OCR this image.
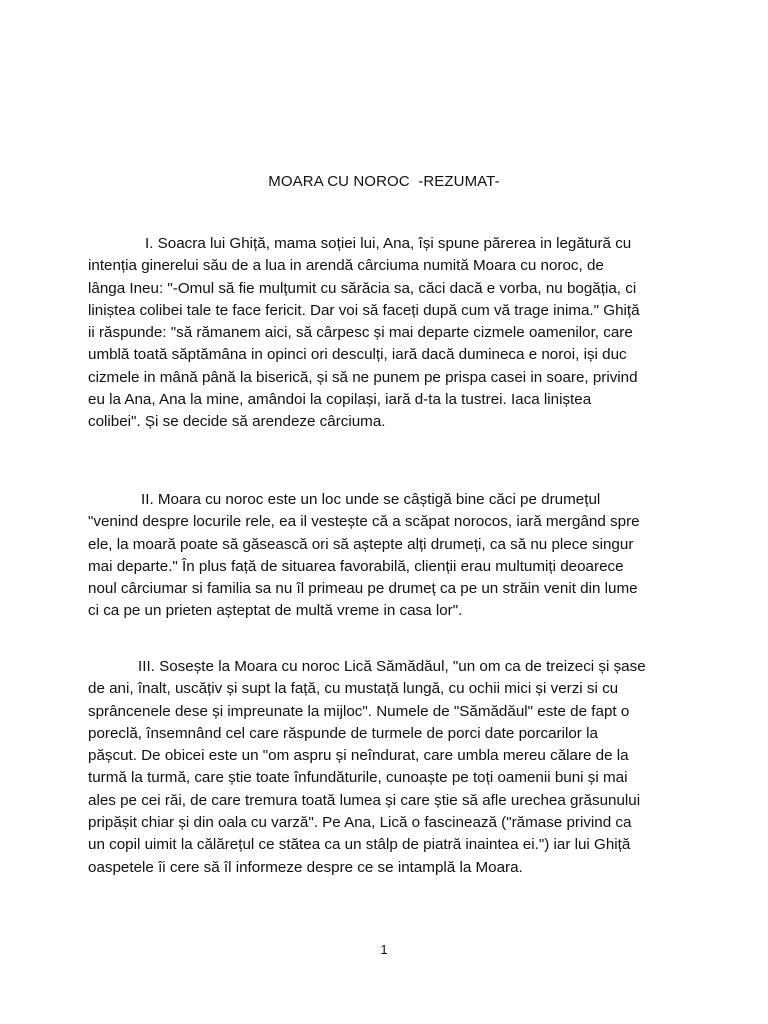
MOARA CU NOROC  -REZUMAT-

I. Soacra lui Ghiță, mama soției lui, Ana, își spune părerea in legătură cu
intenția ginerelui său de a lua in arendă cârciuma numită Moara cu noroc, de
lânga Ineu: "-Omul să fie mulțumit cu sărăcia sa, căci dacă e vorba, nu bogăția, ci
liniștea colibei tale te face fericit. Dar voi să faceți după cum vă trage inima." Ghiță
ii răspunde: "să rămanem aici, să cârpesc și mai departe cizmele oamenilor, care
umblă toată săptămâna in opinci ori desculți, iară dacă dumineca e noroi, iși duc
cizmele in mână până la biserică, și să ne punem pe prispa casei in soare, privind
eu la Ana, Ana la mine, amândoi la copilași, iară d-ta la tustrei. Iaca liniștea
colibei". Și se decide să arendeze cârciuma.

II. Moara cu noroc este un loc unde se câștigă bine căci pe drumețul
"venind despre locurile rele, ea il vestește că a scăpat norocos, iară mergând spre
ele, la moară poate să găsească ori să aștepte alți drumeți, ca să nu plece singur
mai departe." În plus față de situarea favorabilă, clienții erau multumiți deoarece
noul cârciumar si familia sa nu îl primeau pe drumeț ca pe un străin venit din lume
ci ca pe un prieten așteptat de multă vreme in casa lor".

III. Sosește la Moara cu noroc Lică Sămădăul, "un om ca de treizeci și șase
de ani, înalt, uscățiv și supt la față, cu mustață lungă, cu ochii mici și verzi si cu
sprâncenele dese și impreunate la mijloc". Numele de "Sămădăul" este de fapt o
poreclă, însemnând cel care răspunde de turmele de porci date porcarilor la
pășcut. De obicei este un "om aspru și neîndurat, care umbla mereu călare de la
turmă la turmă, care știe toate înfundăturile, cunoaște pe toți oamenii buni și mai
ales pe cei răi, de care tremura toată lumea și care știe să afle urechea grăsunului
pripășit chiar și din oala cu varză". Pe Ana, Lică o fascinează ("rămase privind ca
un copil uimit la călărețul ce stătea ca un stâlp de piatră inaintea ei.") iar lui Ghiță
oaspetele îi cere să îl informeze despre ce se intamplă la Moara.

1
